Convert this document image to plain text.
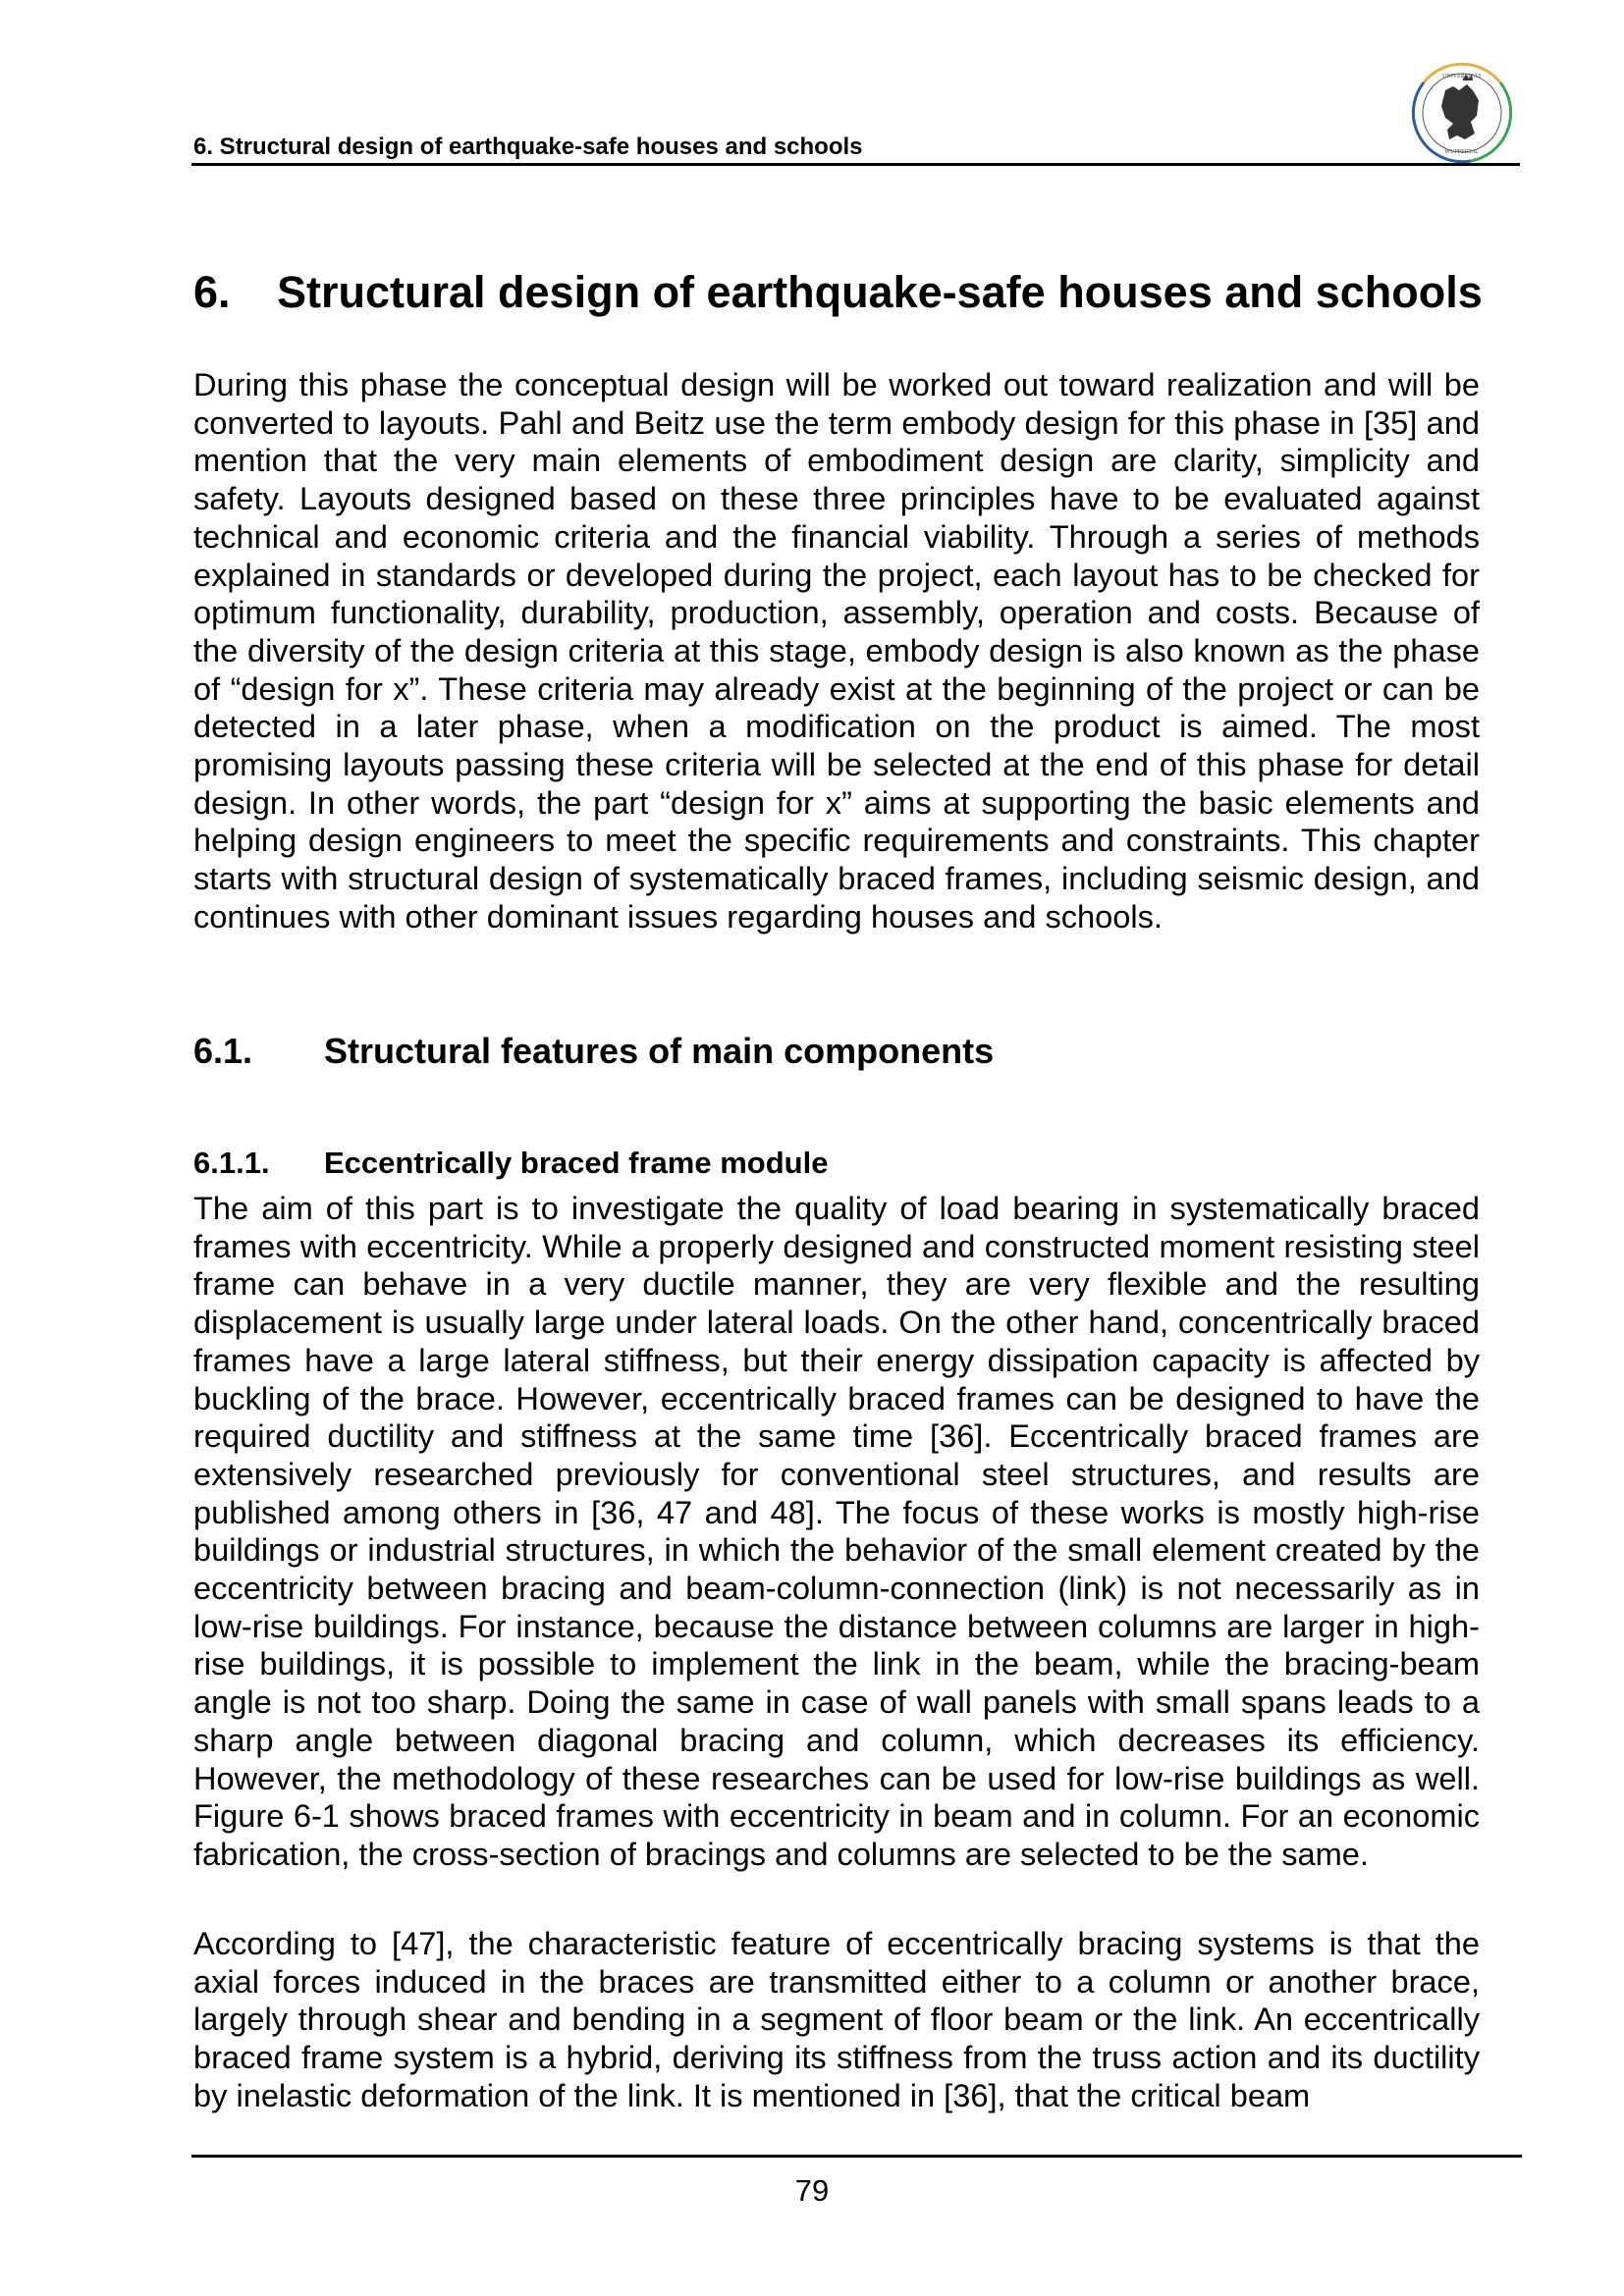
6. Structural design of earthquake-safe houses and schools
UNIVERSITÄT
WUPPERTAL
6. Structural design of earthquake-safe houses and schools

During this phase the conceptual design will be worked out toward realization and will be converted to layouts. Pahl and Beitz use the term embody design for this phase in [35] and mention that the very main elements of embodiment design are clarity, simplicity and safety. Layouts designed based on these three principles have to be evaluated against technical and economic criteria and the financial viability. Through a series of methods explained in standards or developed during the project, each layout has to be checked for optimum functionality, durability, production, assembly, operation and costs. Because of the diversity of the design criteria at this stage, embody design is also known as the phase of “design for x”. These criteria may already exist at the beginning of the project or can be detected in a later phase, when a modification on the product is aimed. The most promising layouts passing these criteria will be selected at the end of this phase for detail design. In other words, the part “design for x” aims at supporting the basic elements and helping design engineers to meet the specific requirements and constraints. This chapter starts with structural design of systematically braced frames, including seismic design, and continues with other dominant issues regarding houses and schools.

6.1. Structural features of main components
6.1.1. Eccentrically braced frame module

The aim of this part is to investigate the quality of load bearing in systematically braced frames with eccentricity. While a properly designed and constructed moment resisting steel frame can behave in a very ductile manner, they are very flexible and the resulting displacement is usually large under lateral loads. On the other hand, concentrically braced frames have a large lateral stiffness, but their energy dissipation capacity is affected by buckling of the brace. However, eccentrically braced frames can be designed to have the required ductility and stiffness at the same time [36]. Eccentrically braced frames are extensively researched previously for conventional steel structures, and results are published among others in [36, 47 and 48]. The focus of these works is mostly high-rise buildings or industrial structures, in which the behavior of the small element created by the eccentricity between bracing and beam-column-connection (link) is not necessarily as in low-rise buildings. For instance, because the distance between columns are larger in high-rise buildings, it is possible to implement the link in the beam, while the bracing-beam angle is not too sharp. Doing the same in case of wall panels with small spans leads to a sharp angle between diagonal bracing and column, which decreases its efficiency. However, the methodology of these researches can be used for low-rise buildings as well. Figure 6-1 shows braced frames with eccentricity in beam and in column. For an economic fabrication, the cross-section of bracings and columns are selected to be the same.

According to [47], the characteristic feature of eccentrically bracing systems is that the axial forces induced in the braces are transmitted either to a column or another brace, largely through shear and bending in a segment of floor beam or the link. An eccentrically braced frame system is a hybrid, deriving its stiffness from the truss action and its ductility by inelastic deformation of the link. It is mentioned in [36], that the critical beam

79
